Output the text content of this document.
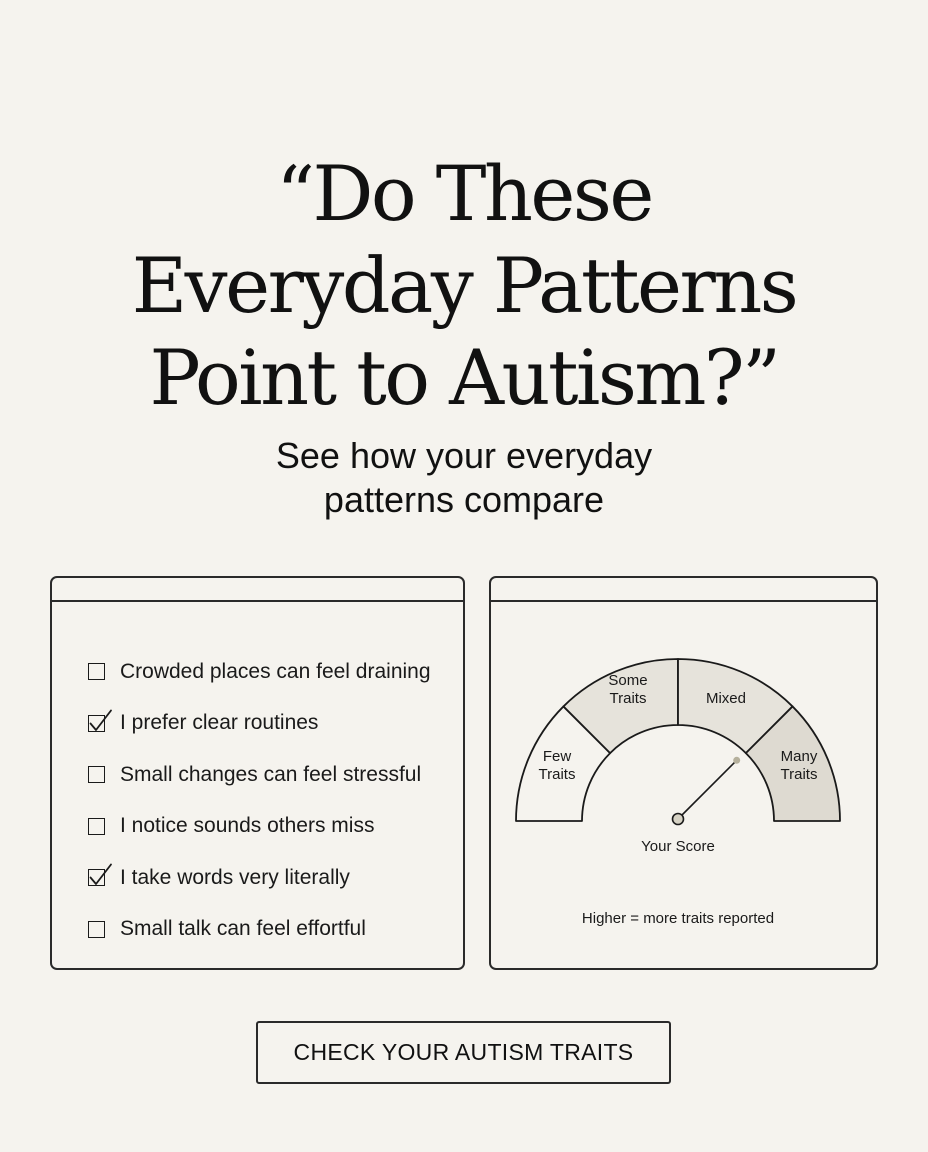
“Do These
Everyday Patterns
Point to Autism?”
See how your everyday
patterns compare
Crowded places can feel draining
I prefer clear routines
Small changes can feel stressful
I notice sounds others miss
I take words very literally
Small talk can feel effortful
Few Traits
Some Traits	Mixed
Many Traits
Your Score
Higher = more traits reported
CHECK YOUR AUTISM TRAITS
